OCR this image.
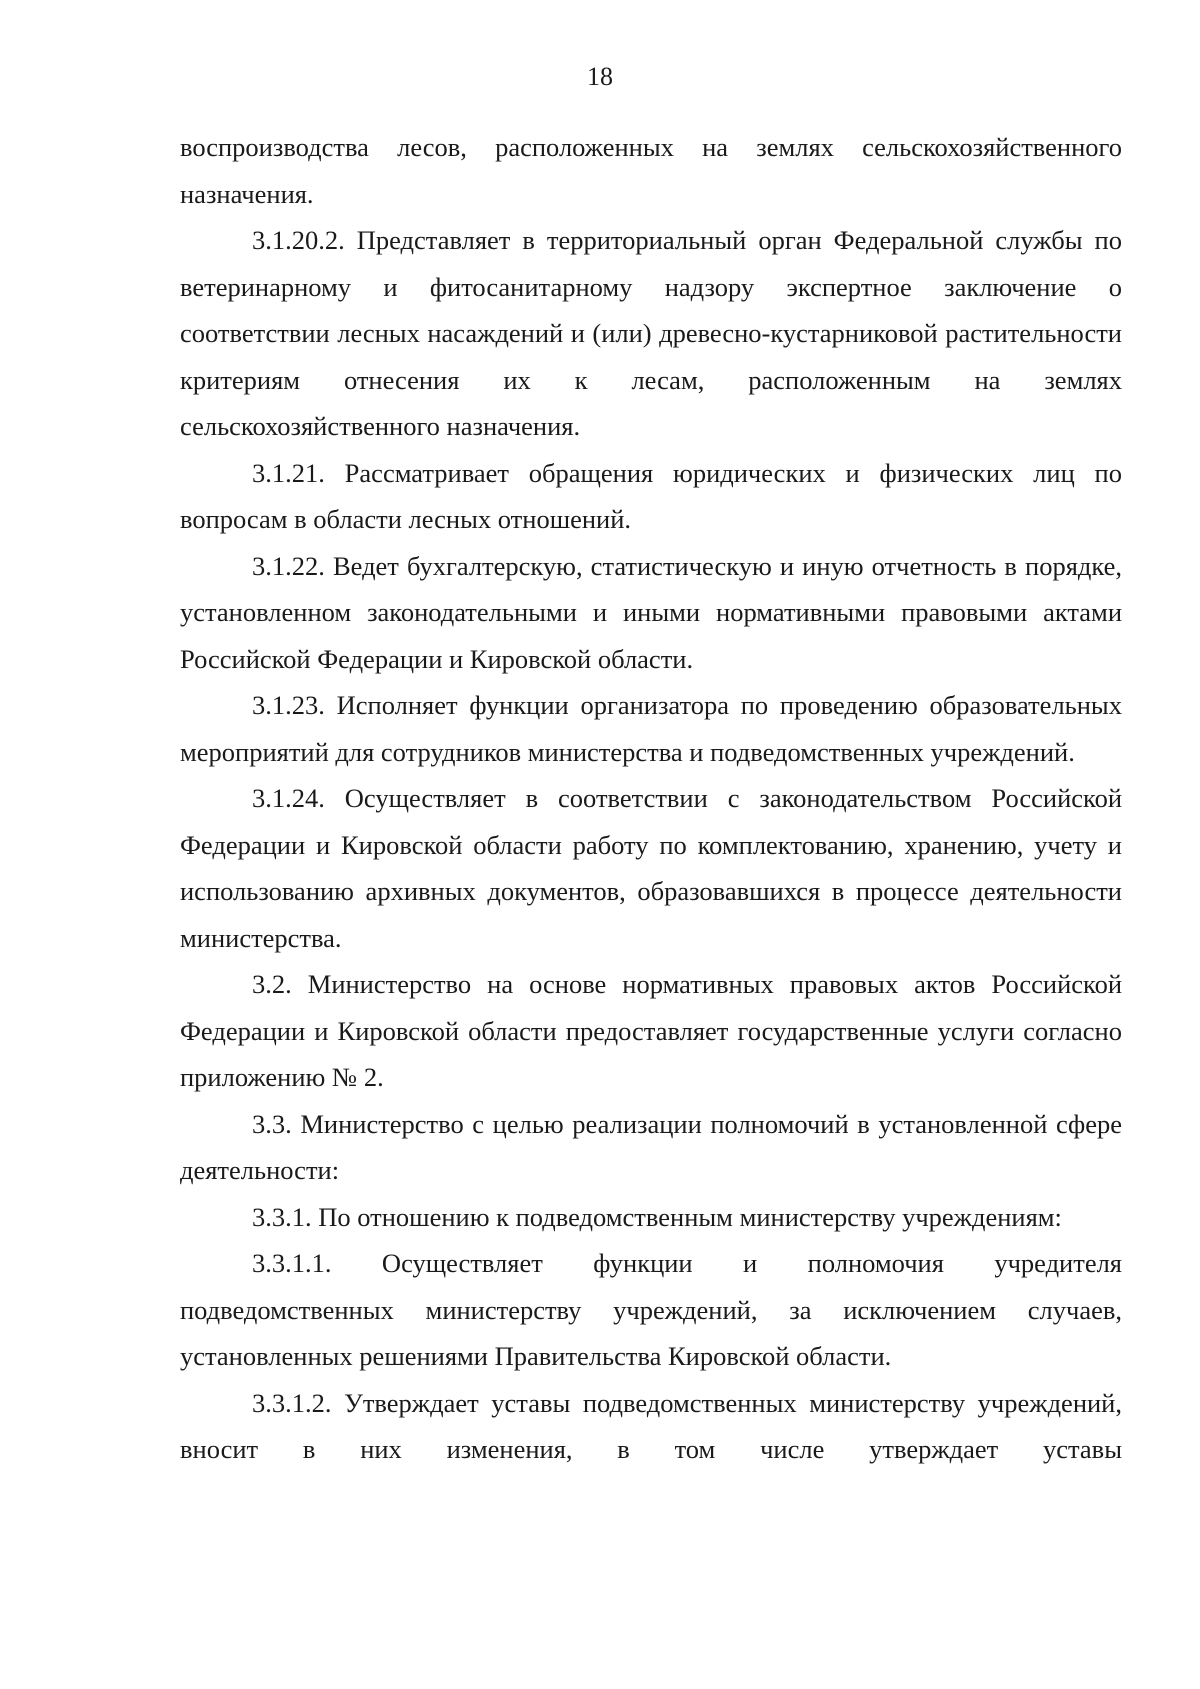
18

воспроизводства лесов, расположенных на землях сельскохозяйственного назначения.

3.1.20.2. Представляет в территориальный орган Федеральной службы по ветеринарному и фитосанитарному надзору экспертное заключение о соответствии лесных насаждений и (или) древесно-кустарниковой растительности критериям отнесения их к лесам, расположенным на землях сельскохозяйственного назначения.

3.1.21. Рассматривает обращения юридических и физических лиц по вопросам в области лесных отношений.

3.1.22. Ведет бухгалтерскую, статистическую и иную отчетность в порядке, установленном законодательными и иными нормативными правовыми актами Российской Федерации и Кировской области.

3.1.23. Исполняет функции организатора по проведению образовательных мероприятий для сотрудников министерства и подведомственных учреждений.

3.1.24. Осуществляет в соответствии с законодательством Российской Федерации и Кировской области работу по комплектованию, хранению, учету и использованию архивных документов, образовавшихся в процессе деятельности министерства.

3.2. Министерство на основе нормативных правовых актов Российской Федерации и Кировской области предоставляет государственные услуги согласно приложению № 2.

3.3. Министерство с целью реализации полномочий в установленной сфере деятельности:

3.3.1. По отношению к подведомственным министерству учреждениям:

3.3.1.1. Осуществляет функции и полномочия учредителя подведомственных министерству учреждений, за исключением случаев, установленных решениями Правительства Кировской области.

3.3.1.2. Утверждает уставы подведомственных министерству учреждений, вносит в них изменения, в том числе утверждает уставы
